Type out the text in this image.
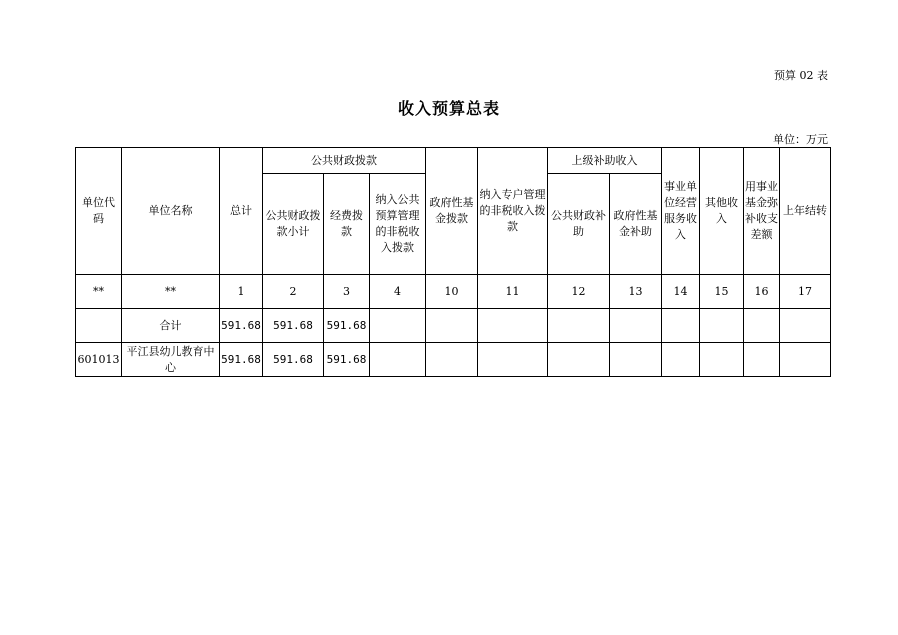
预算 02 表
收入预算总表
单位：万元
单位代码	单位名称	总计	公共财政拨款			政府性基金拨款	纳入专户管理的非税收入拨款	上级补助收入		事业单位经营服务收入	其他收入	用事业基金弥补收支差额	上年结转
			公共财政拨款小计	经费拨款	纳入公共预算管理的非税收入拨款			公共财政补助	政府性基金补助				
**	**	1	2	3	4	10	11	12	13	14	15	16	17
	合计	591.68	591.68	591.68									
601013	平江县幼儿教育中心	591.68	591.68	591.68									
